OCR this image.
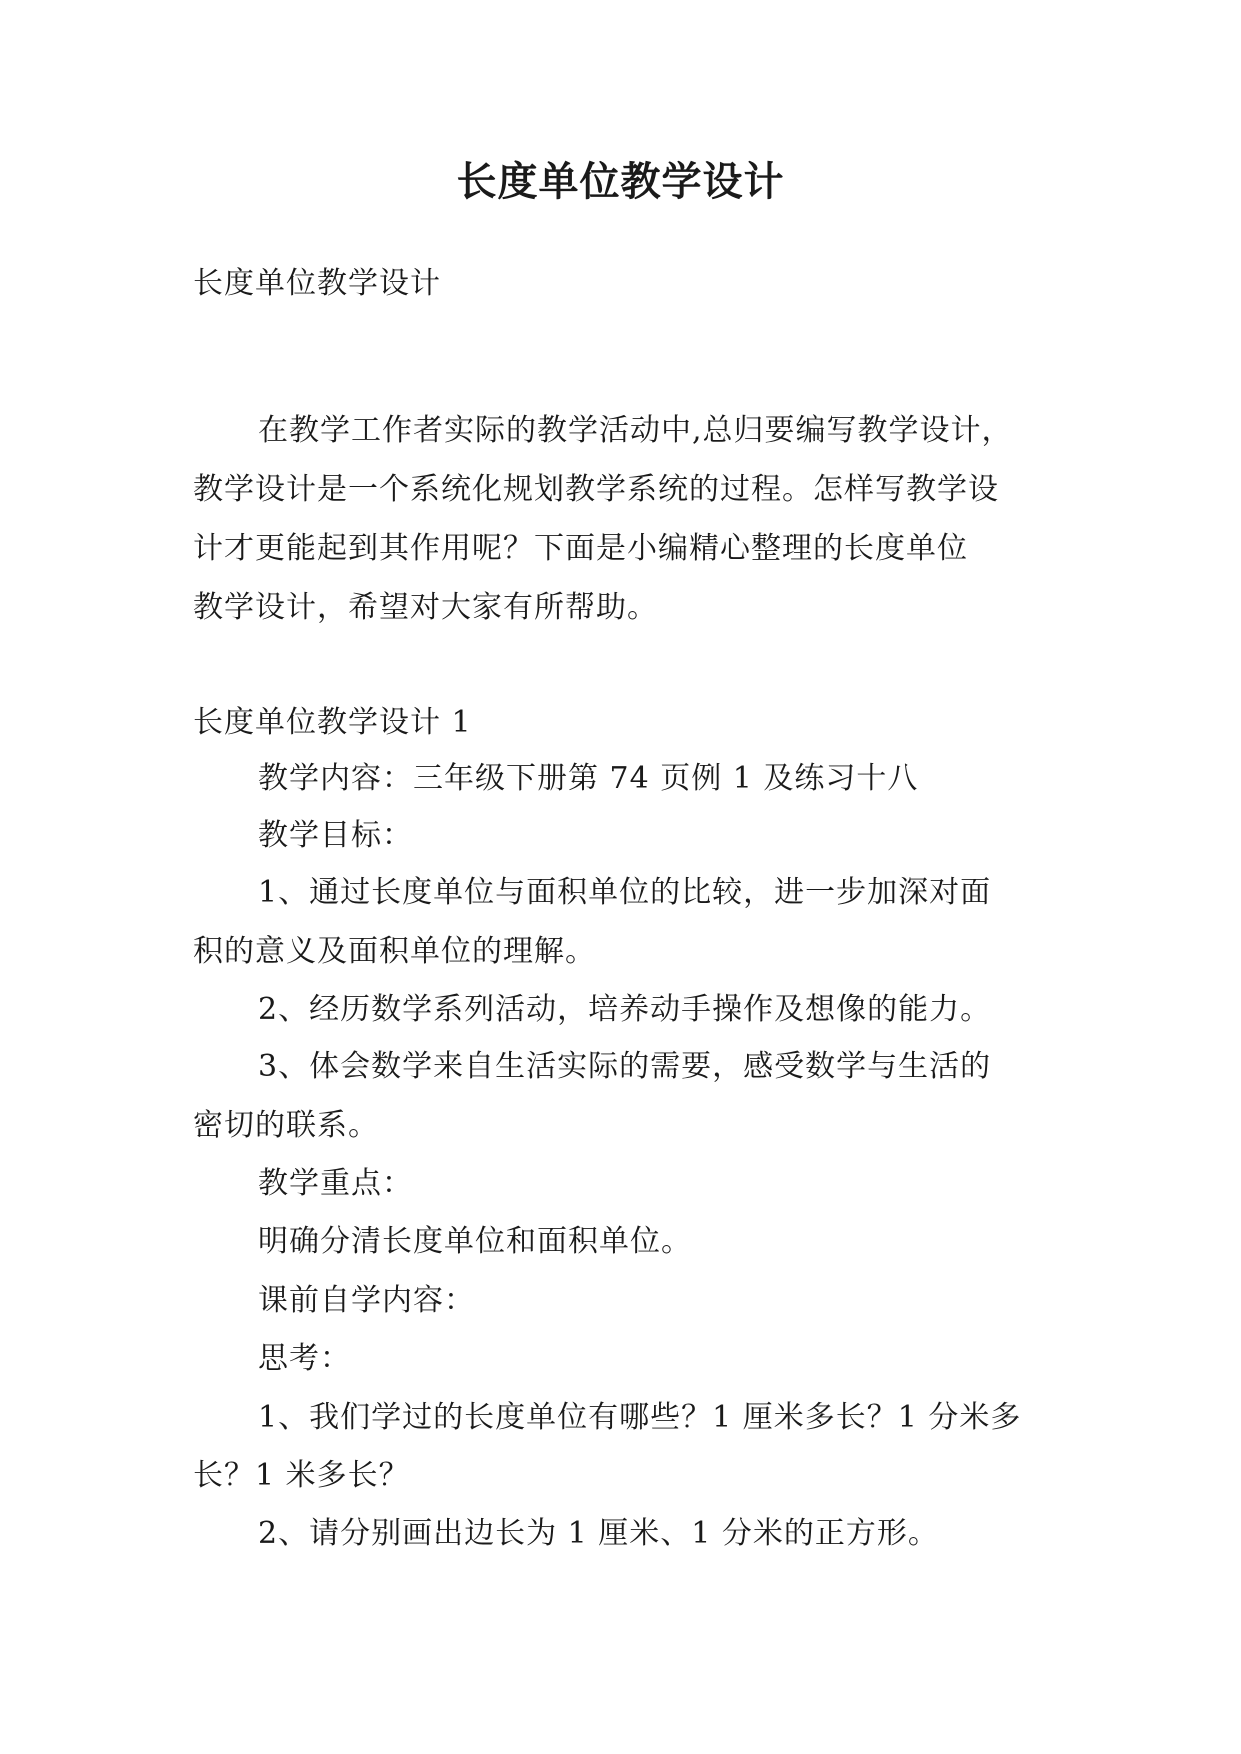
长度单位教学设计
长度单位教学设计
在教学工作者实际的教学活动中,总归要编写教学设计，
教学设计是一个系统化规划教学系统的过程。怎样写教学设
计才更能起到其作用呢？下面是小编精心整理的长度单位
教学设计，希望对大家有所帮助。
长度单位教学设计 1
教学内容：三年级下册第 74 页例 1 及练习十八
教学目标：
1、通过长度单位与面积单位的比较，进一步加深对面
积的意义及面积单位的理解。
2、经历数学系列活动，培养动手操作及想像的能力。
3、体会数学来自生活实际的需要，感受数学与生活的
密切的联系。
教学重点：
明确分清长度单位和面积单位。
课前自学内容：
思考：
1、我们学过的长度单位有哪些？1 厘米多长？1 分米多
长？1 米多长？
2、请分别画出边长为 1 厘米、1 分米的正方形。
